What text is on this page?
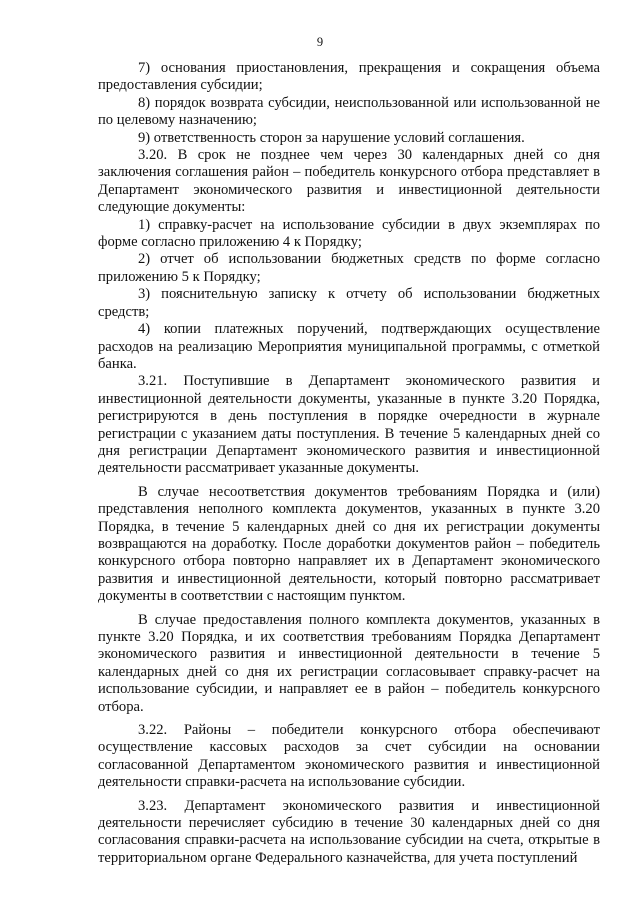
9

7) основания приостановления, прекращения и сокращения объема предоставления субсидии;

8) порядок возврата субсидии, неиспользованной или использованной не по целевому назначению;

9) ответственность сторон за нарушение условий соглашения.

3.20. В срок не позднее чем через 30 календарных дней со дня заключения соглашения район – победитель конкурсного отбора представляет в Департамент экономического развития и инвестиционной деятельности следующие документы:

1) справку-расчет на использование субсидии в двух экземплярах по форме согласно приложению 4 к Порядку;

2) отчет об использовании бюджетных средств по форме согласно приложению 5 к Порядку;

3) пояснительную записку к отчету об использовании бюджетных средств;

4) копии платежных поручений, подтверждающих осуществление расходов на реализацию Мероприятия муниципальной программы, с отметкой банка.

3.21. Поступившие в Департамент экономического развития и инвестиционной деятельности документы, указанные в пункте 3.20 Порядка, регистрируются в день поступления в порядке очередности в журнале регистрации с указанием даты поступления. В течение 5 календарных дней со дня регистрации Департамент экономического развития и инвестиционной деятельности рассматривает указанные документы.

В случае несоответствия документов требованиям Порядка и (или) представления неполного комплекта документов, указанных в пункте 3.20 Порядка, в течение 5 календарных дней со дня их регистрации документы возвращаются на доработку. После доработки документов район – победитель конкурсного отбора повторно направляет их в Департамент экономического развития и инвестиционной деятельности, который повторно рассматривает документы в соответствии с настоящим пунктом.

В случае предоставления полного комплекта документов, указанных в пункте 3.20 Порядка, и их соответствия требованиям Порядка Департамент экономического развития и инвестиционной деятельности в течение 5 календарных дней со дня их регистрации согласовывает справку-расчет на использование субсидии, и направляет ее в район – победитель конкурсного отбора.

3.22. Районы – победители конкурсного отбора обеспечивают осуществление кассовых расходов за счет субсидии на основании согласованной Департаментом экономического развития и инвестиционной деятельности справки-расчета на использование субсидии.

3.23. Департамент экономического развития и инвестиционной деятельности перечисляет субсидию в течение 30 календарных дней со дня согласования справки-расчета на использование субсидии на счета, открытые в территориальном органе Федерального казначейства, для учета поступлений
